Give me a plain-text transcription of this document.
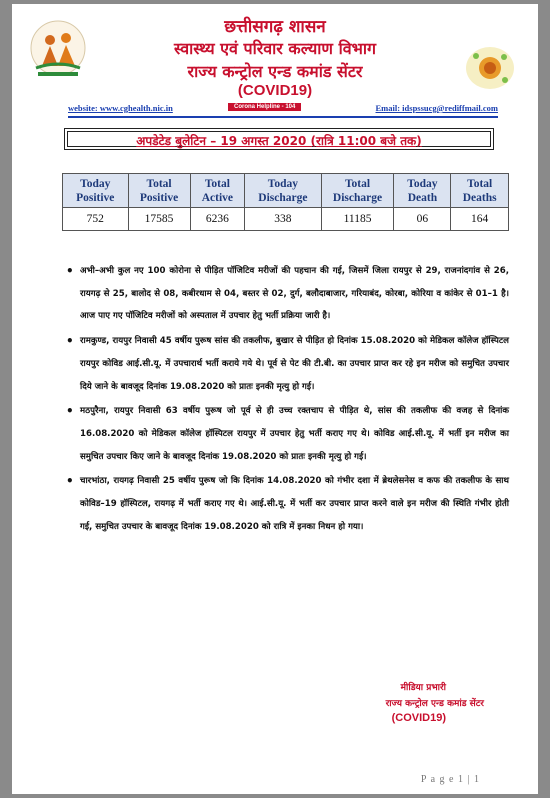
छत्तीसगढ़ शासन
स्वास्थ्य एवं परिवार कल्याण विभाग
राज्य कन्ट्रोल एन्ड कमांड सेंटर
(COVID19)
website: www.cghealth.nic.in	Corona Helpline - 104	Email: idspssucg@rediffmail.com
अपडेटेड बुलेटिन – 19 अगस्त 2020 (रात्रि 11:00 बजे तक)
Today Positive	Total Positive	Total Active	Today Discharge	Total Discharge	Today Death	Total Deaths
752	17585	6236	338	11185	06	164
• अभी–अभी कुल नए 100 कोरोना से पीड़ित पॉजिटिव मरीजों की पहचान की गई, जिसमें जिला रायपुर से 29, राजनांदगांव से 26, रायगढ़ से 25, बालोद से 08, कबीरधाम से 04, बस्तर से 02, दुर्ग, बलौदाबाजार, गरियाबंद, कोरबा, कोरिया व कांकेर से 01–1 है। आज पाए गए पॉजिटिव मरीजों को अस्पताल में उपचार हेतु भर्ती प्रक्रिया जारी है।
• रामकुण्ड, रायपुर निवासी 45 वर्षीय पुरूष सांस की तकलीफ, बुखार से पीड़ित हो दिनांक 15.08.2020 को मेडिकल कॉलेज हॉस्पिटल रायपुर कोविड आई.सी.यू. में उपचारार्थ भर्ती कराये गये थे। पूर्व से पेट की टी.बी. का उपचार प्राप्त कर रहे इन मरीज को समुचित उपचार दिये जाने के बावजूद दिनांक 19.08.2020 को प्रातः इनकी मृत्यु हो गई।
• मठपुरैना, रायपुर निवासी 63 वर्षीय पुरूष जो पूर्व से ही उच्च रक्तचाप से पीड़ित थे, सांस की तकलीफ की वजह से दिनांक 16.08.2020 को मेडिकल कॉलेज हॉस्पिटल रायपुर में उपचार हेतु भर्ती कराए गए थे। कोविड आई.सी.यू. में भर्ती इन मरीज का समुचित उपचार किए जाने के बावजूद दिनांक 19.08.2020 को प्रातः इनकी मृत्यु हो गई।
• चारभांठा, रायगढ़ निवासी 25 वर्षीय पुरूष जो कि दिनांक 14.08.2020 को गंभीर दशा में ब्रेथलेसनेस व कफ की तकलीफ के साथ कोविड–19 हॉस्पिटल, रायगढ़ में भर्ती कराए गए थे। आई.सी.यू. में भर्ती कर उपचार प्राप्त करने वाले इन मरीज की स्थिति गंभीर होती गई, समुचित उपचार के बावजूद दिनांक 19.08.2020 को रात्रि में इनका निधन हो गया।
मीडिया प्रभारी
राज्य कन्ट्रोल एन्ड कमांड सेंटर
(COVID19)
P a g e 1 | 1
